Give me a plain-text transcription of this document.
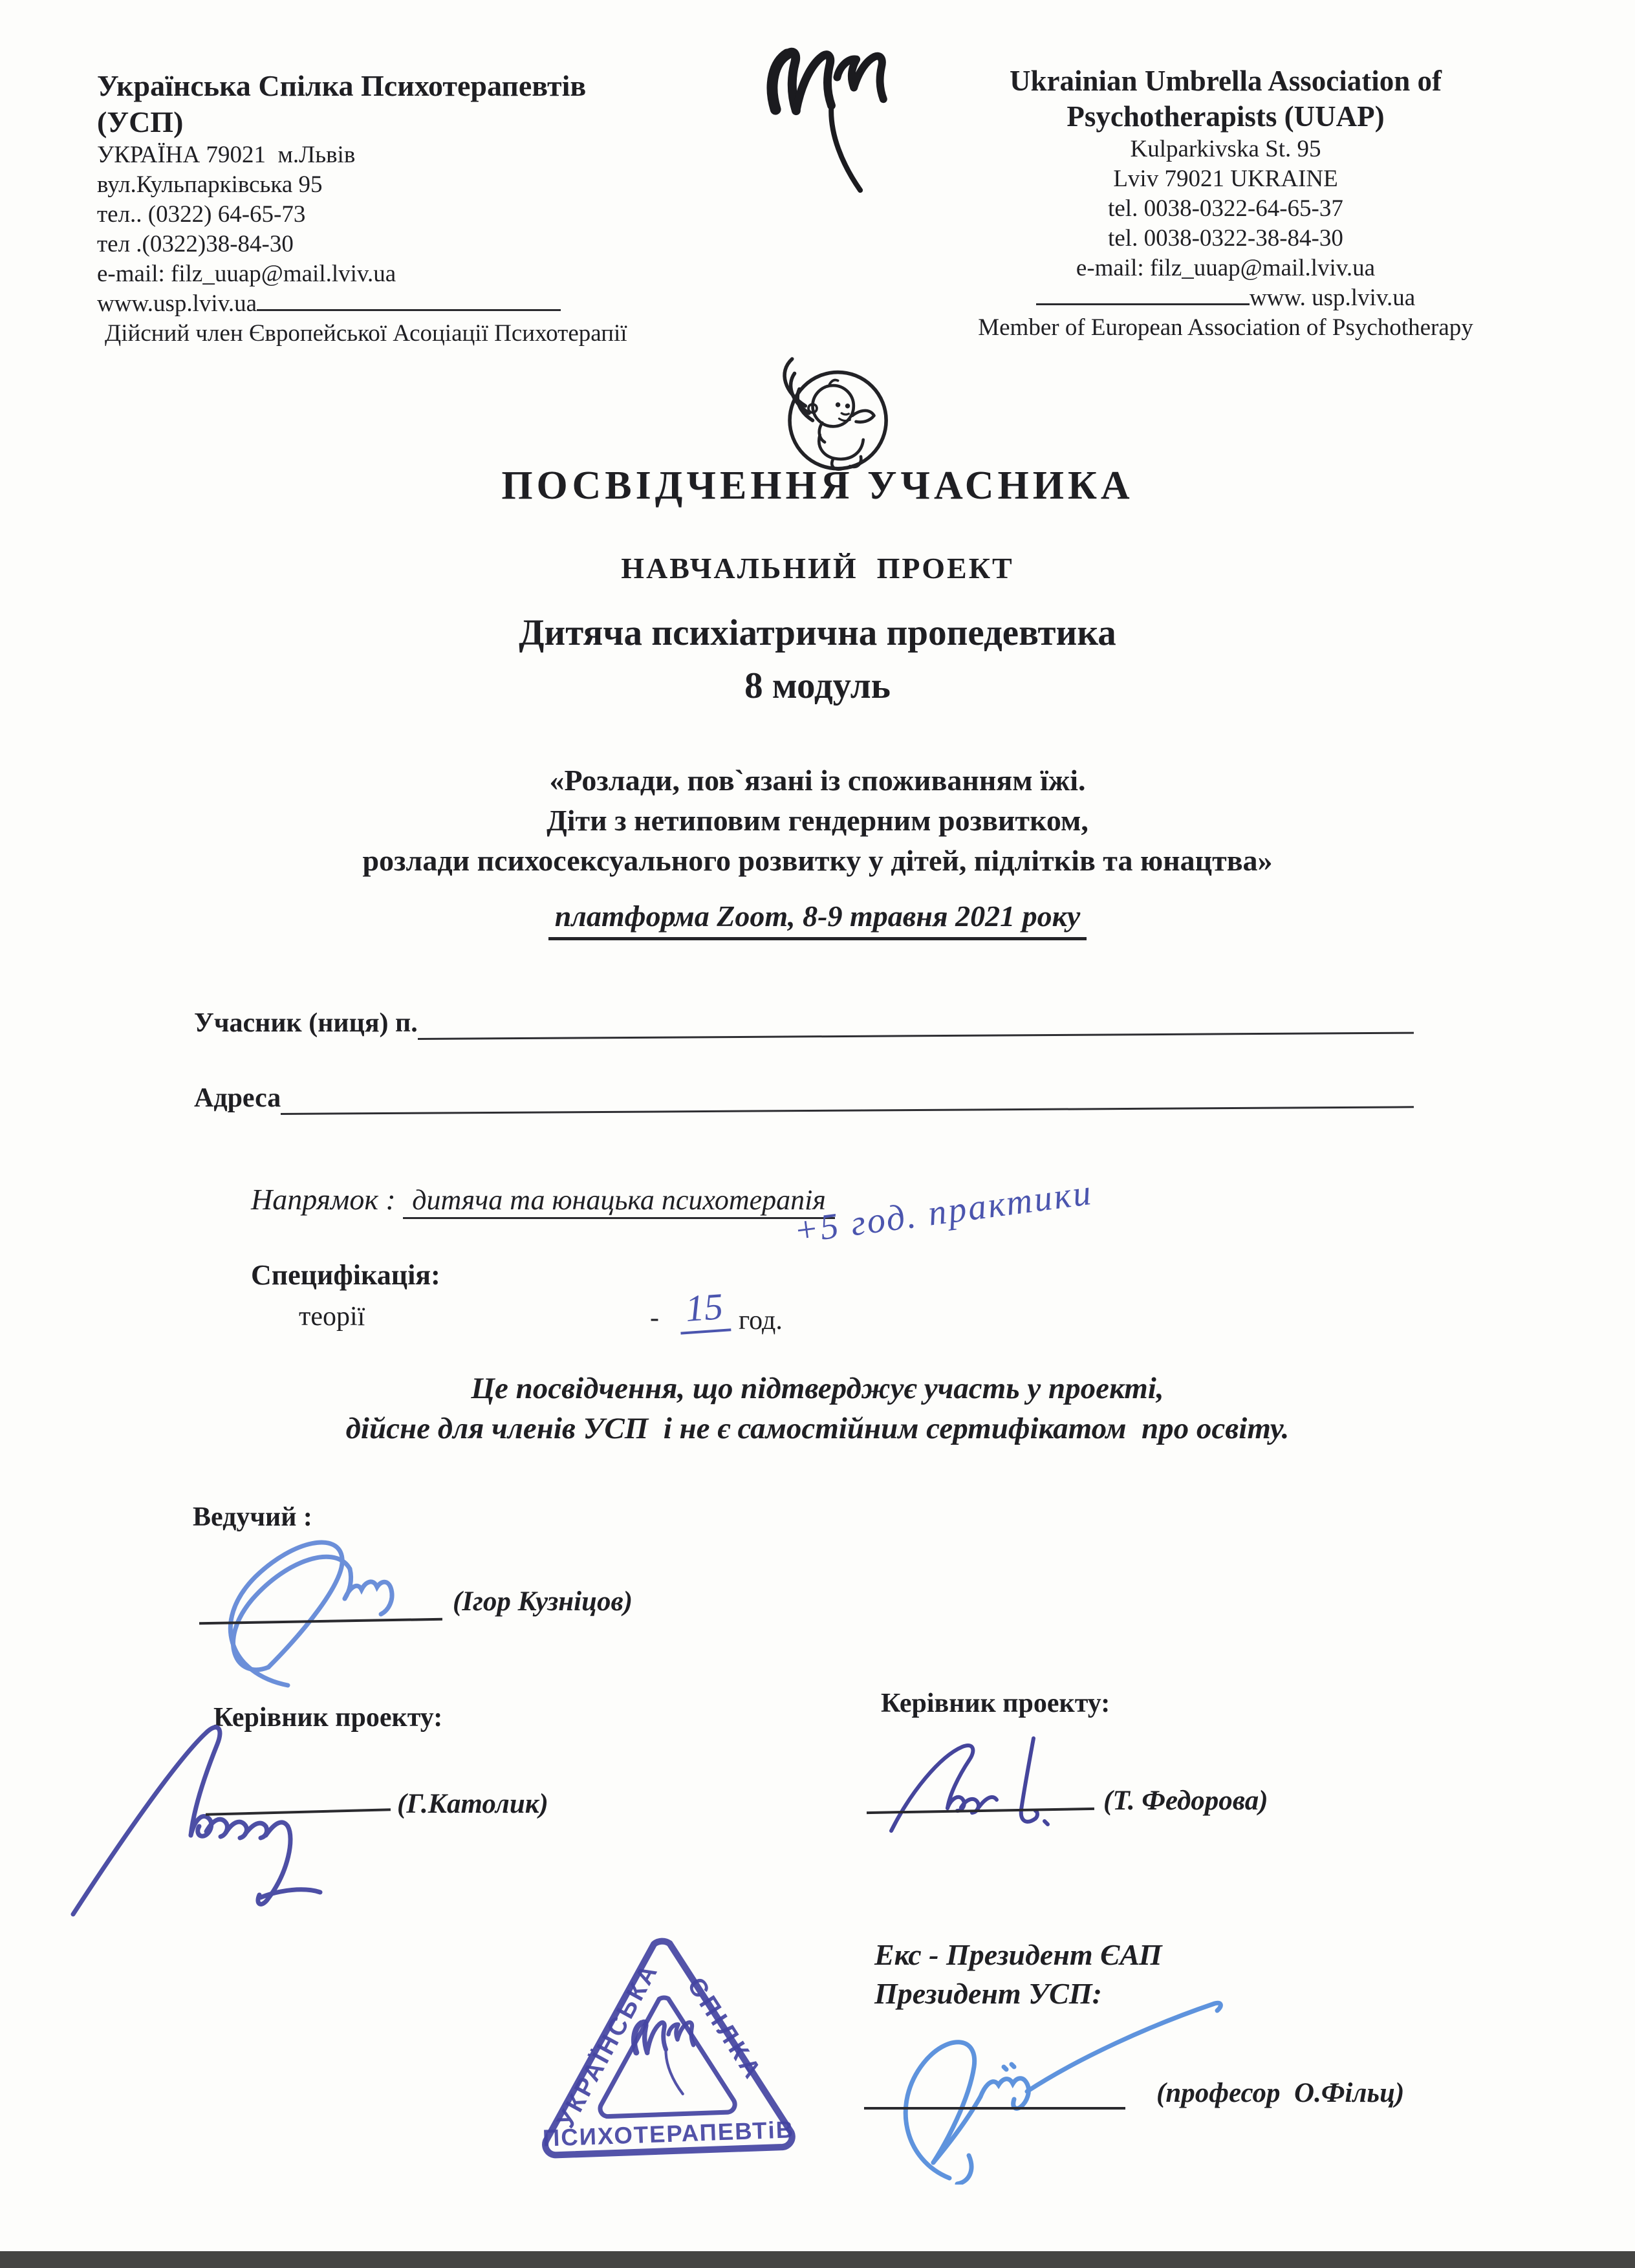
Українська Спілка Психотерапевтів
(УСП)
УКРАЇНА 79021  м.Львів
вул.Кульпарківська 95
тел.. (0322) 64-65-73
тел .(0322)38-84-30
e-mail: filz_uuap@mail.lviv.ua
www.usp.lviv.ua
Дійсний член Європейської Асоціації Психотерапії
Ukrainian Umbrella Association of
Psychotherapists (UUAP)
Kulparkivska St. 95
Lviv 79021 UKRAINE
tel. 0038-0322-64-65-37
tel. 0038-0322-38-84-30
e-mail: filz_uuap@mail.lviv.ua
www. usp.lviv.ua
Member of European Association of Psychotherapy
ПОСВІДЧЕННЯ УЧАСНИКА
НАВЧАЛЬНИЙ  ПРОЕКТ
Дитяча психіатрична пропедевтика
8 модуль
«Розлади, пов`язані із споживанням їжі.
Діти з нетиповим гендерним розвитком,
розлади психосексуального розвитку у дітей, підлітків та юнацтва»
платформа Zoom, 8-9 травня 2021 року
Учасник (ниця) п.
Адреса
Напрямок : дитяча та юнацька психотерапія
Специфікація:
теорії	- 15 год.
+5 год. практики
Це посвідчення, що підтверджує участь у проекті,
дійсне для членів УСП  і не є самостійним сертифікатом  про освіту.
Ведучий :
(Ігор Кузніцов)
Керівник проекту:
(Г.Католик)
Керівник проекту:
(Т. Федорова)
УКРАЇНСЬКА СПІЛКА
ПСИХОТЕРАПЕВТіВ
Екс - Президент ЄАП
Президент УСП:
(професор  О.Фільц)
